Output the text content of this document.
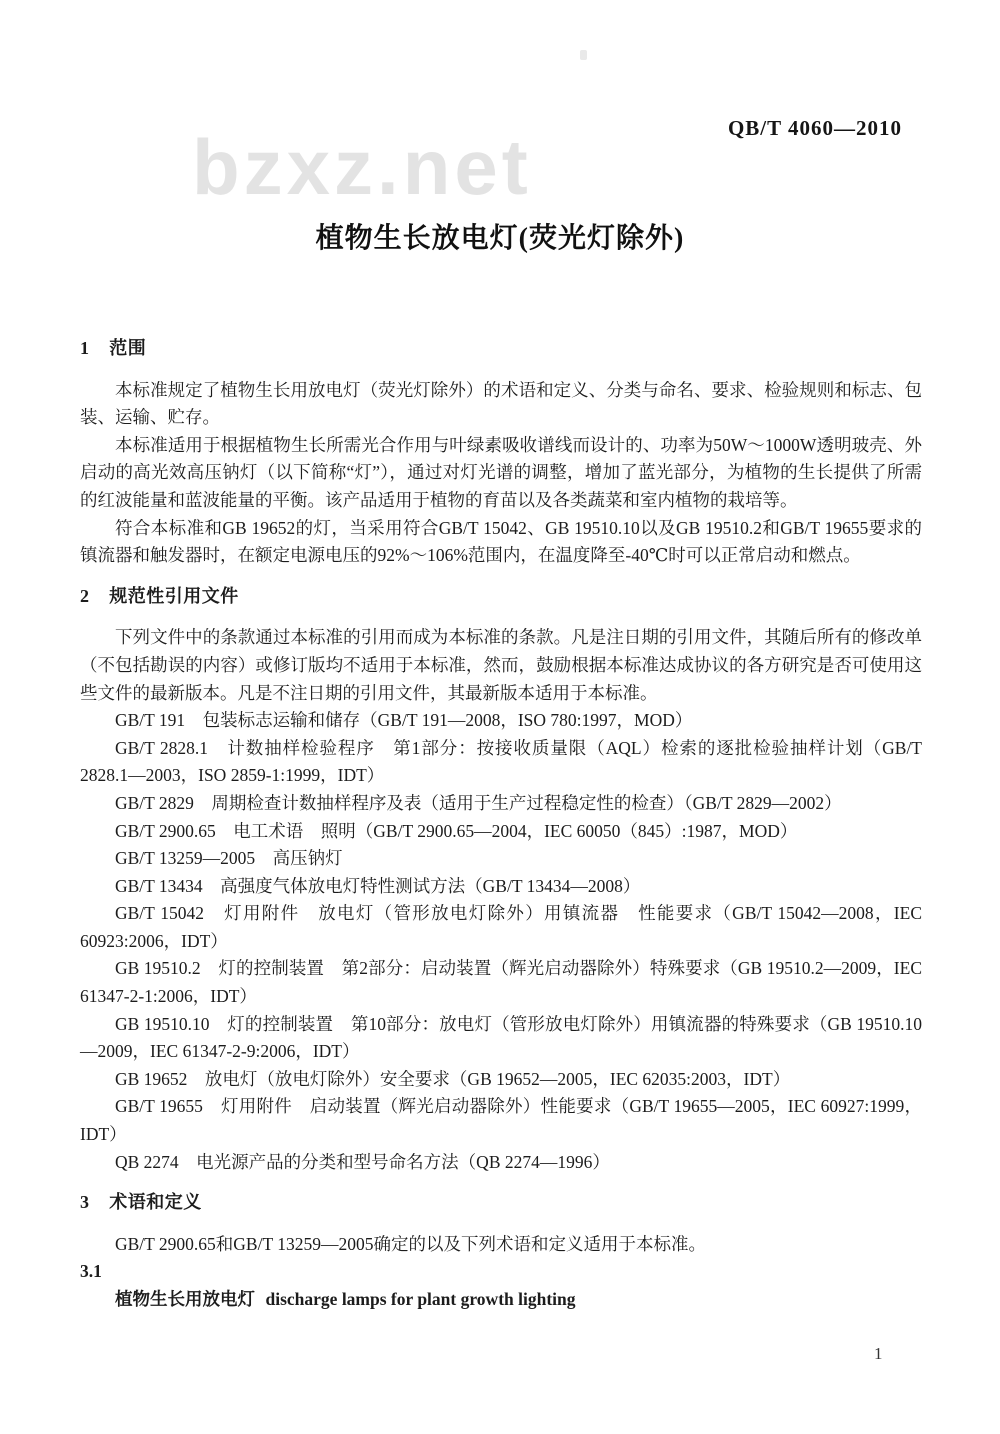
QB/T 4060—2010
bzxz.net
植物生长放电灯(荧光灯除外)
1 范围

本标准规定了植物生长用放电灯（荧光灯除外）的术语和定义、分类与命名、要求、检验规则和标志、包装、运输、贮存。

本标准适用于根据植物生长所需光合作用与叶绿素吸收谱线而设计的、功率为50W～1000W透明玻壳、外启动的高光效高压钠灯（以下简称“灯”），通过对灯光谱的调整，增加了蓝光部分，为植物的生长提供了所需的红波能量和蓝波能量的平衡。该产品适用于植物的育苗以及各类蔬菜和室内植物的栽培等。

符合本标准和GB 19652的灯，当采用符合GB/T 15042、GB 19510.10以及GB 19510.2和GB/T 19655要求的镇流器和触发器时，在额定电源电压的92%～106%范围内，在温度降至-40℃时可以正常启动和燃点。

2 规范性引用文件

下列文件中的条款通过本标准的引用而成为本标准的条款。凡是注日期的引用文件，其随后所有的修改单（不包括勘误的内容）或修订版均不适用于本标准，然而，鼓励根据本标准达成协议的各方研究是否可使用这些文件的最新版本。凡是不注日期的引用文件，其最新版本适用于本标准。

GB/T 191　包装标志运输和储存（GB/T 191—2008，ISO 780:1997，MOD）

GB/T 2828.1　计数抽样检验程序　第1部分：按接收质量限（AQL）检索的逐批检验抽样计划（GB/T 2828.1—2003，ISO 2859-1:1999，IDT）

GB/T 2829　周期检查计数抽样程序及表（适用于生产过程稳定性的检查）（GB/T 2829—2002）

GB/T 2900.65　电工术语　照明（GB/T 2900.65—2004，IEC 60050（845）:1987，MOD）

GB/T 13259—2005　高压钠灯

GB/T 13434　高强度气体放电灯特性测试方法（GB/T 13434—2008）

GB/T 15042　灯用附件　放电灯（管形放电灯除外）用镇流器　性能要求（GB/T 15042—2008，IEC 60923:2006，IDT）

GB 19510.2　灯的控制装置　第2部分：启动装置（辉光启动器除外）特殊要求（GB 19510.2—2009，IEC 61347-2-1:2006，IDT）

GB 19510.10　灯的控制装置　第10部分：放电灯（管形放电灯除外）用镇流器的特殊要求（GB 19510.10—2009，IEC 61347-2-9:2006，IDT）

GB 19652　放电灯（放电灯除外）安全要求（GB 19652—2005，IEC 62035:2003，IDT）

GB/T 19655　灯用附件　启动装置（辉光启动器除外）性能要求（GB/T 19655—2005，IEC 60927:1999，IDT）

QB 2274　电光源产品的分类和型号命名方法（QB 2274—1996）

3 术语和定义

GB/T 2900.65和GB/T 13259—2005确定的以及下列术语和定义适用于本标准。

3.1

植物生长用放电灯 discharge lamps for plant growth lighting

1
